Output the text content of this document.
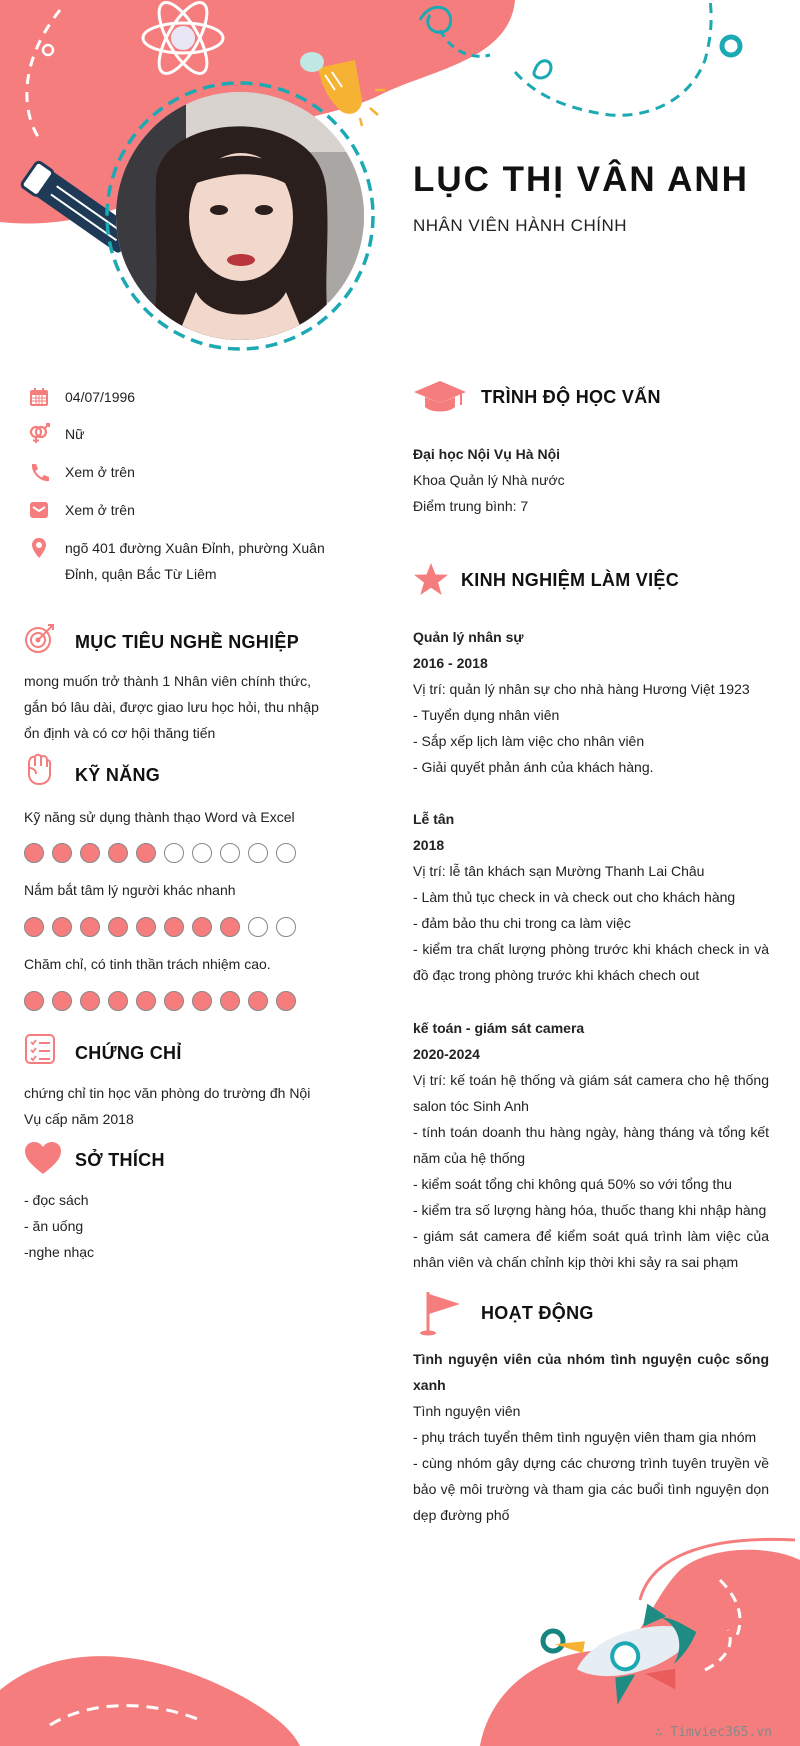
LỤC THỊ VÂN ANH
NHÂN VIÊN HÀNH CHÍNH
04/07/1996
Nữ
Xem ở trên
Xem ở trên
ngõ 401 đường Xuân Đỉnh, phường Xuân Đỉnh, quận Bắc Từ Liêm
MỤC TIÊU NGHỀ NGHIỆP
mong muốn trở thành 1 Nhân viên chính thức, gắn bó lâu dài, được giao lưu học hỏi, thu nhập ổn định và có cơ hội thăng tiến
KỸ NĂNG
Kỹ năng sử dụng thành thạo Word và Excel
Nắm bắt tâm lý người khác nhanh
Chăm chỉ, có tinh thần trách nhiệm cao.
CHỨNG CHỈ
chứng chỉ tin học văn phòng do trường đh Nội Vụ cấp năm 2018
SỞ THÍCH
- đọc sách
- ăn uống
-nghe nhạc
TRÌNH ĐỘ HỌC VẤN
Đại học Nội Vụ Hà Nội
Khoa Quản lý Nhà nước
Điểm trung bình: 7
KINH NGHIỆM LÀM VIỆC
Quản lý nhân sự
2016 - 2018
Vị trí: quản lý nhân sự cho nhà hàng Hương Việt 1923
- Tuyển dụng nhân viên
- Sắp xếp lịch làm việc cho nhân viên
- Giải quyết phản ánh của khách hàng.
Lễ tân
2018
Vị trí: lễ tân khách sạn Mường Thanh Lai Châu
- Làm thủ tục check in và check out cho khách hàng
- đảm bảo thu chi trong ca làm việc
- kiểm tra chất lượng phòng trước khi khách check in và đồ đạc trong phòng trước khi khách chech out
kế toán - giám sát camera
2020-2024
Vị trí: kế toán hệ thống và giám sát camera cho hệ thống salon tóc Sinh Anh
- tính toán doanh thu hàng ngày, hàng tháng và tổng kết năm của hệ thống
- kiểm soát tổng chi không quá 50% so với tổng thu
- kiểm tra số lượng hàng hóa, thuốc thang khi nhập hàng
- giám sát camera để kiểm soát quá trình làm việc của nhân viên và chấn chỉnh kịp thời khi sảy ra sai phạm
HOẠT ĐỘNG
Tình nguyện viên của nhóm tình nguyện cuộc sống xanh
Tình nguyện viên
- phụ trách tuyển thêm tình nguyện viên tham gia nhóm
- cùng nhóm gây dựng các chương trình tuyên truyền về bảo vệ môi trường và tham gia các buổi tình nguyện dọn dẹp đường phố
∴ Timviec365.vn
